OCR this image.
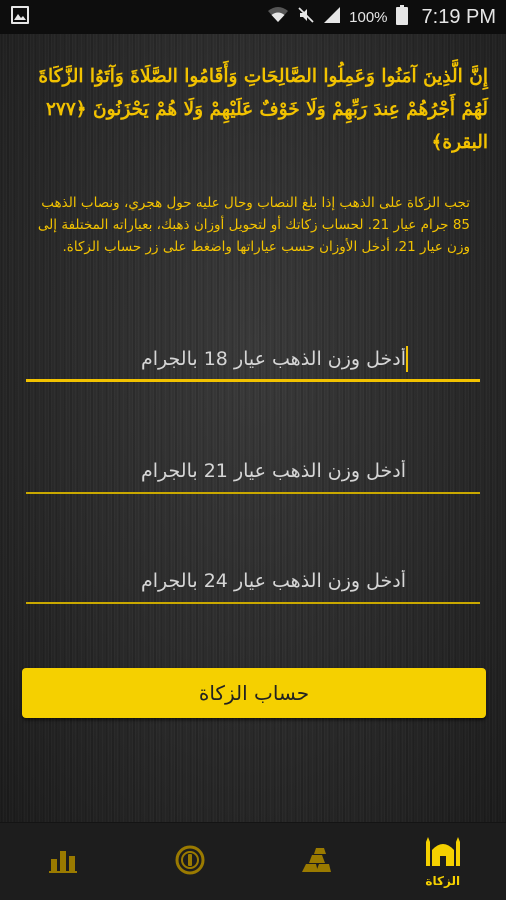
100% 7:19 PM
إِنَّ الَّذِينَ آمَنُوا وَعَمِلُوا الصَّالِحَاتِ وَأَقَامُوا الصَّلَاةَ وَآتَوُا الزَّكَاةَ لَهُمْ أَجْرُهُمْ عِندَ رَبِّهِمْ وَلَا خَوْفٌ عَلَيْهِمْ وَلَا هُمْ يَحْزَنُونَ ﴿٢٧٧ البقرة﴾
تجب الزكاة على الذهب إذا بلغ النصاب وحال عليه حول هجري، ونصاب الذهب 85 جرام عيار 21. لحساب زكاتك أو لتحويل أوزان ذهبك، بعياراته المختلفة إلى وزن عيار 21، أدخل الأوزان حسب عياراتها واضغط على زر حساب الزكاة.
أدخل وزن الذهب عيار 18 بالجرام
أدخل وزن الذهب عيار 21 بالجرام
أدخل وزن الذهب عيار 24 بالجرام
حساب الزكاة
الزكاة
